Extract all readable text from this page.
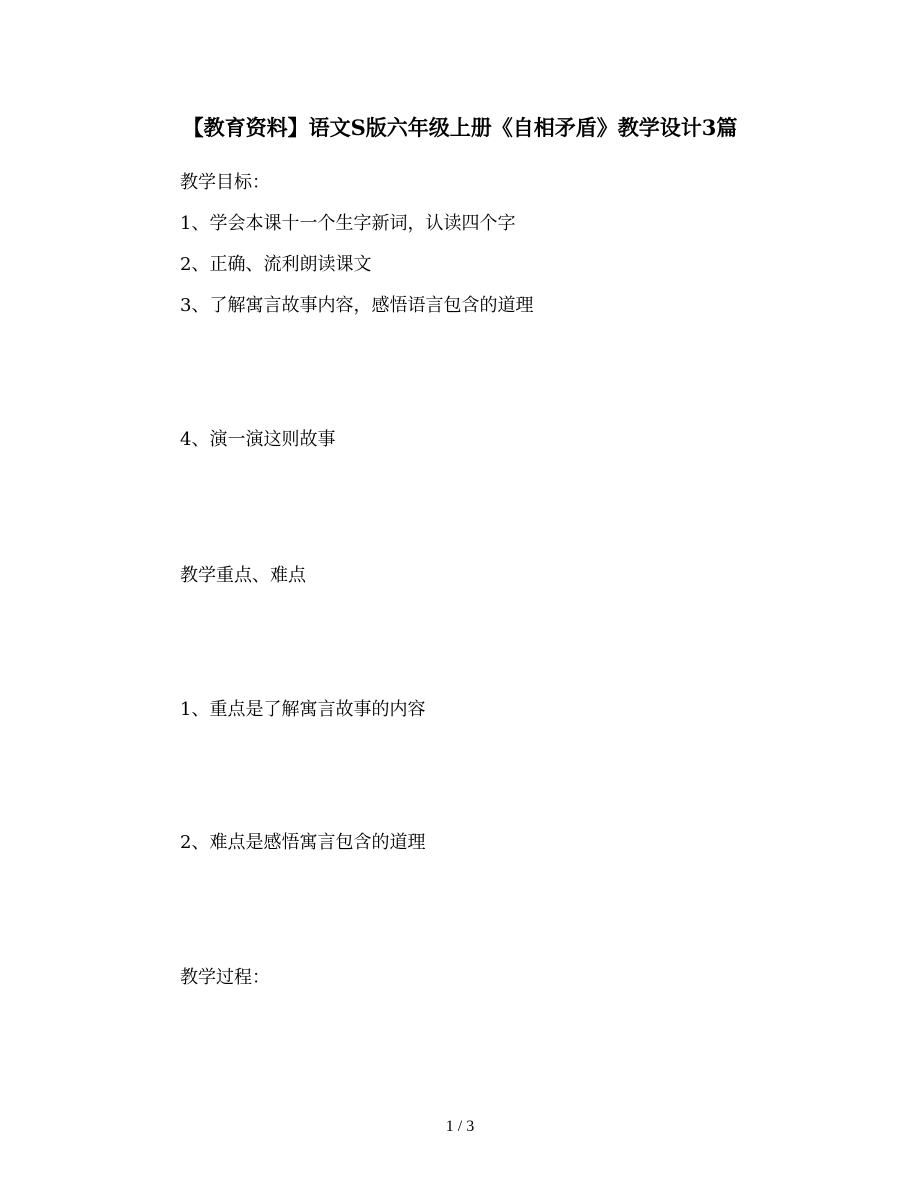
【教育资料】语文S版六年级上册《自相矛盾》教学设计3篇
教学目标：
1、学会本课十一个生字新词，认读四个字
2、正确、流利朗读课文
3、了解寓言故事内容，感悟语言包含的道理
4、演一演这则故事
教学重点、难点
1、重点是了解寓言故事的内容
2、难点是感悟寓言包含的道理
教学过程：
1 / 3
